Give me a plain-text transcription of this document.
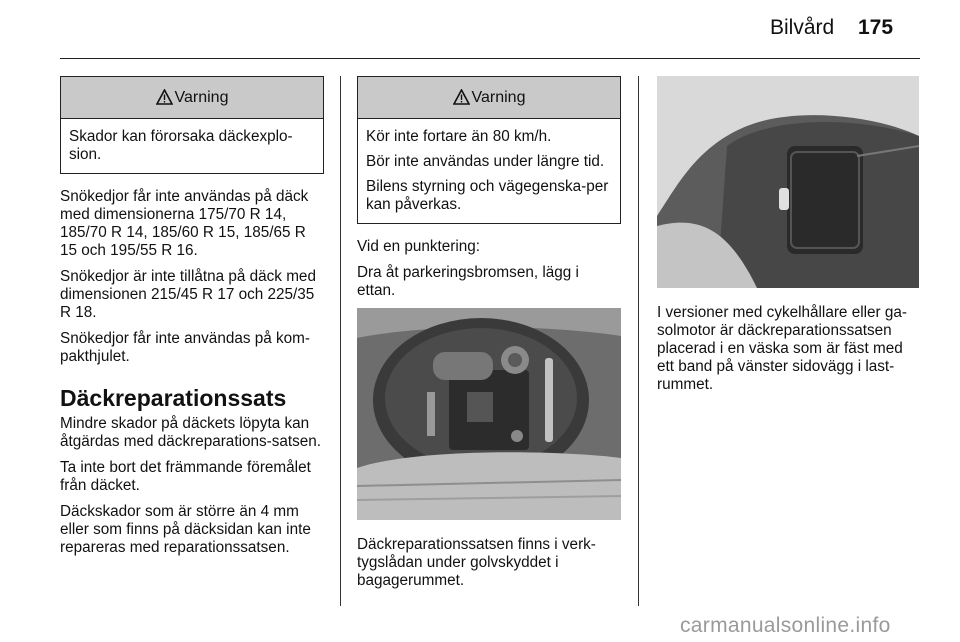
Bilvård 175
Varning

Skador kan förorsaka däckexplo-sion.

Snökedjor får inte användas på däck med dimensionerna 175/70 R 14, 185/70 R 14, 185/60 R 15, 185/65 R 15 och 195/55 R 16.

Snökedjor är inte tillåtna på däck med dimensionen 215/45 R 17 och 225/35 R 18.

Snökedjor får inte användas på kom-pakthjulet.

Däckreparationssats

Mindre skador på däckets löpyta kan åtgärdas med däckreparations-satsen.

Ta inte bort det främmande föremålet från däcket.

Däckskador som är större än 4 mm eller som finns på däcksidan kan inte repareras med reparationssatsen.

Varning

Kör inte fortare än 80 km/h.

Bör inte användas under längre tid.

Bilens styrning och vägegenska-per kan påverkas.

Vid en punktering:

Dra åt parkeringsbromsen, lägg i ettan.

Däckreparationssatsen finns i verk-tygslådan under golvskyddet i bagagerummet.

I versioner med cykelhållare eller ga-solmotor är däckreparationssatsen placerad i en väska som är fäst med ett band på vänster sidovägg i last-rummet.

carmanualsonline.info
